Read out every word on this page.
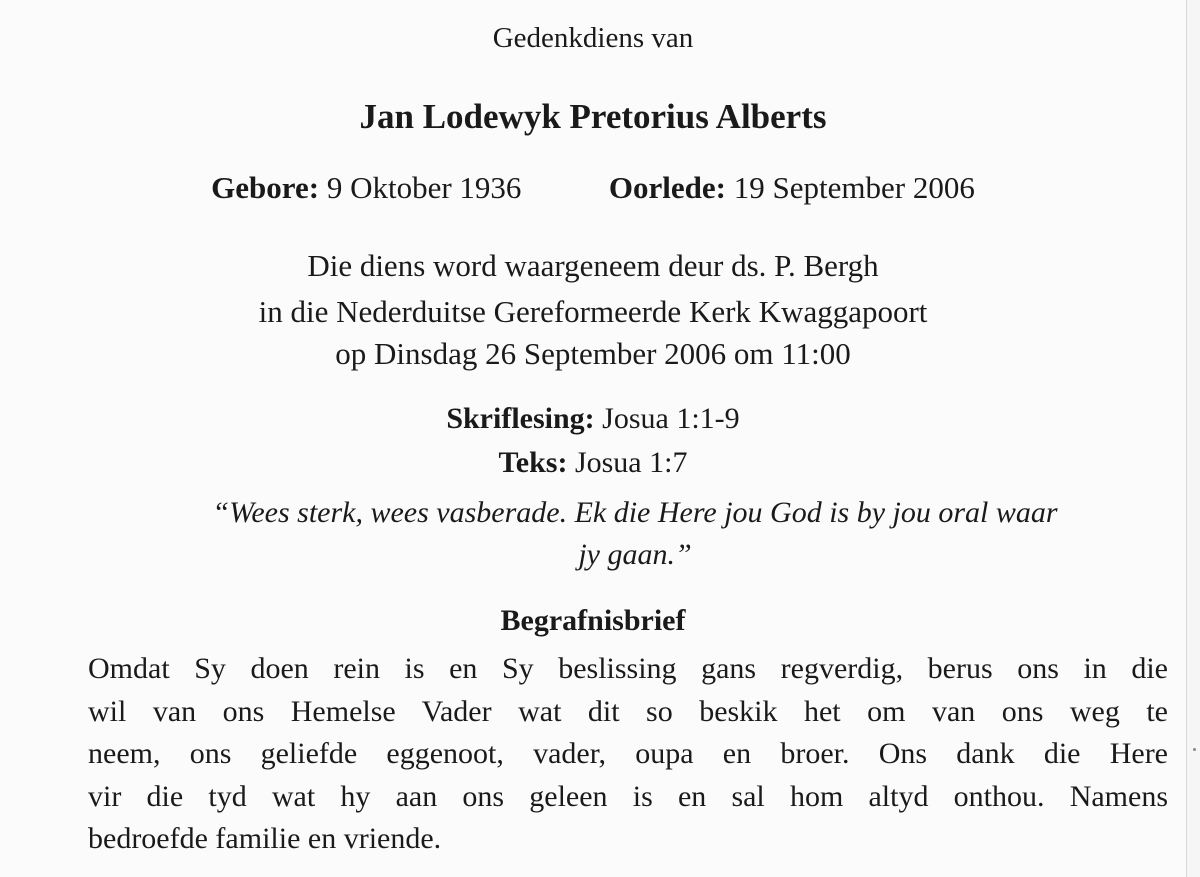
Gedenkdiens van
Jan Lodewyk Pretorius Alberts
Gebore: 9 Oktober 1936	Oorlede: 19 September 2006
Die diens word waargeneem deur ds. P. Bergh
in die Nederduitse Gereformeerde Kerk Kwaggapoort
op Dinsdag 26 September 2006 om 11:00
Skriflesing: Josua 1:1-9
Teks: Josua 1:7
“Wees sterk, wees vasberade. Ek die Here jou God is by jou oral waar
jy gaan.”
Begrafnisbrief
Omdat Sy doen rein is en Sy beslissing gans regverdig, berus ons in die
wil van ons Hemelse Vader wat dit so beskik het om van ons weg te
neem, ons geliefde eggenoot, vader, oupa en broer. Ons dank die Here
vir die tyd wat hy aan ons geleen is en sal hom altyd onthou. Namens
bedroefde familie en vriende.
